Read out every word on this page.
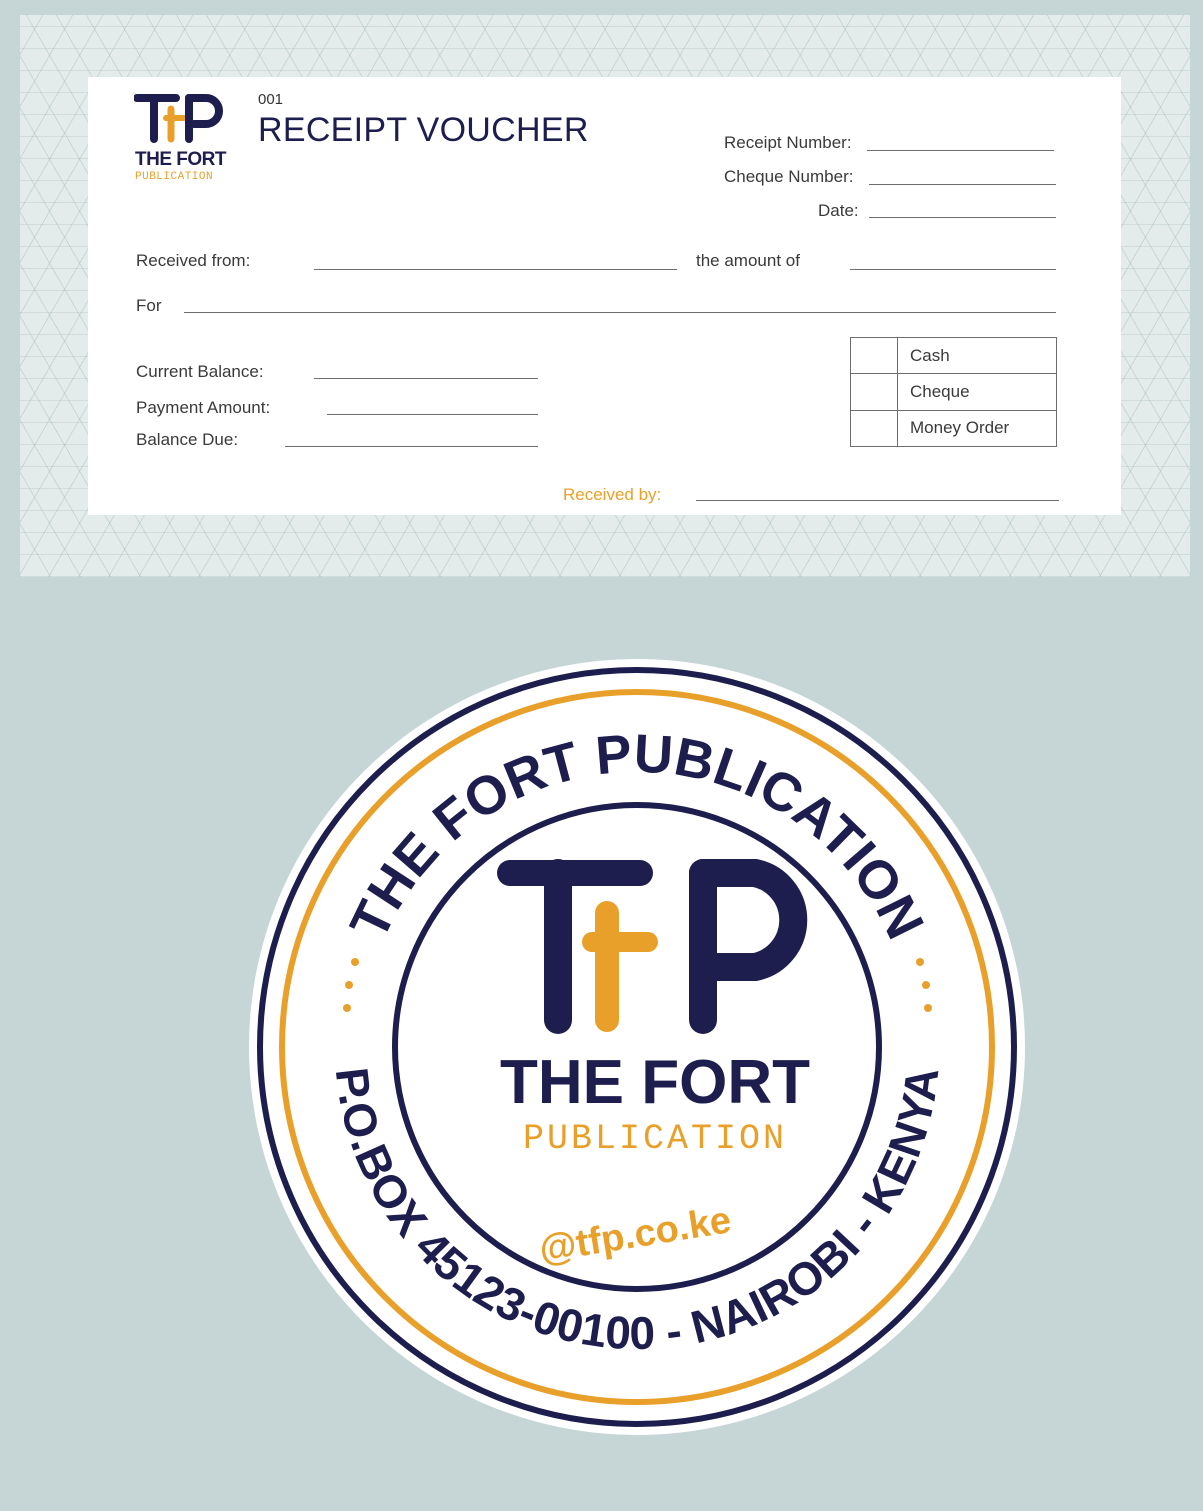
THE FORT
PUBLICATION
001
RECEIPT VOUCHER	Receipt Number:
Cheque Number:
Date:
Received from:	the amount of
For
Current Balance:
Payment Amount:
Balance Due:
	Cash
	Cheque
	Money Order
Received by:
THE FORT PUBLICATION
P.O.BOX 45123-00100 - NAIROBI - KENYA
THE FORT
PUBLICATION
@tfp.co.ke
